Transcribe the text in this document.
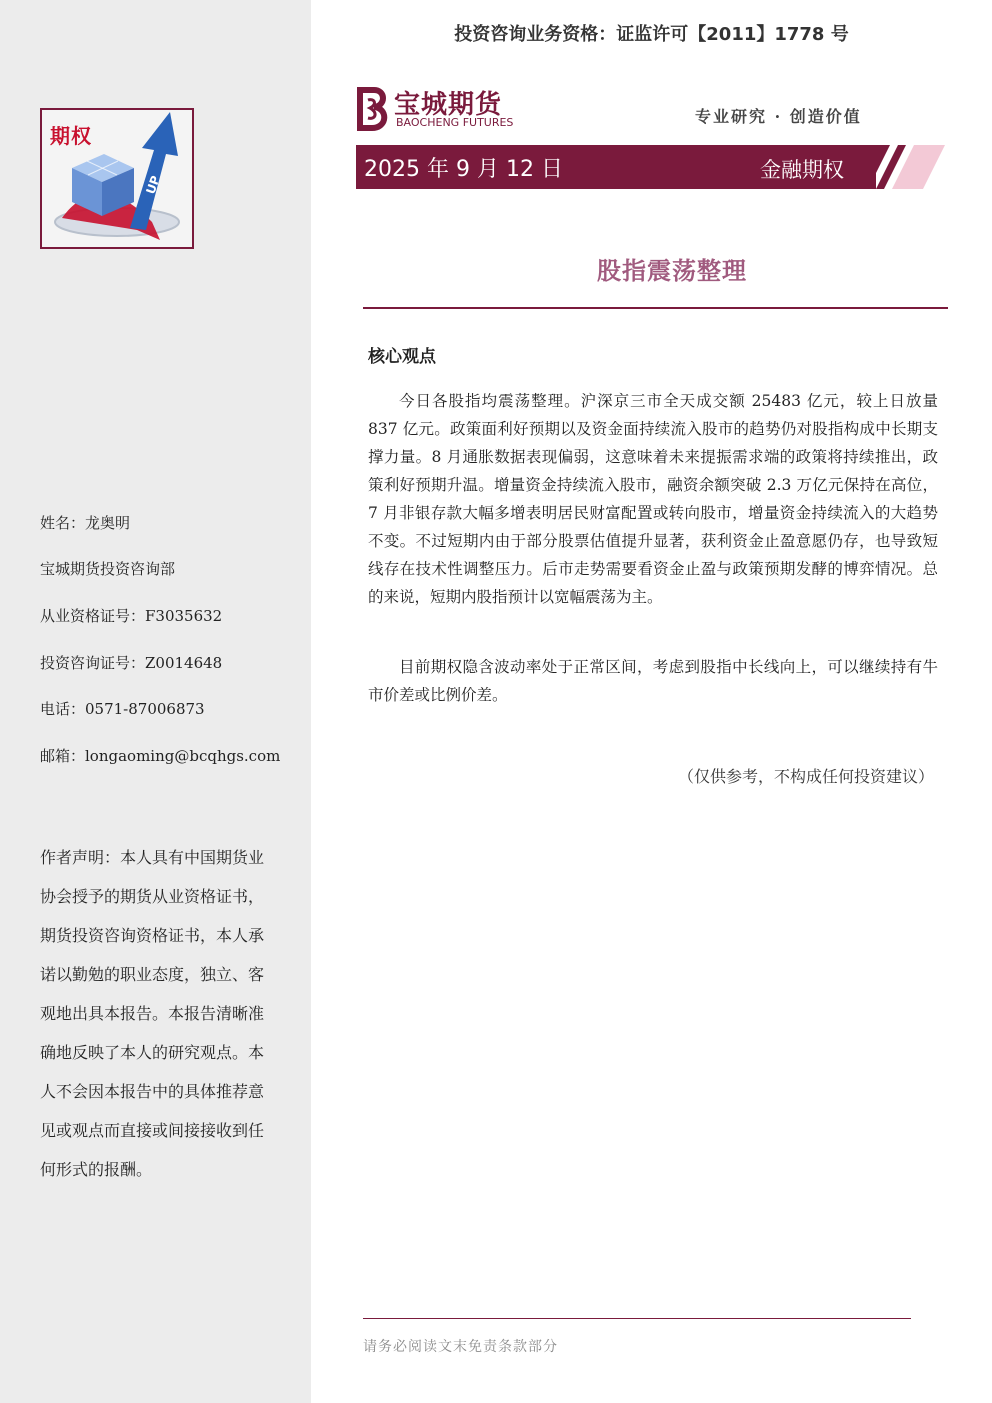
期权
UP
姓名：龙奥明
宝城期货投资咨询部
从业资格证号：F3035632
投资咨询证号：Z0014648
电话：0571-87006873
邮箱：longaoming@bcqhgs.com
作者声明：本人具有中国期货业协会授予的期货从业资格证书，期货投资咨询资格证书，本人承诺以勤勉的职业态度，独立、客观地出具本报告。本报告清晰准确地反映了本人的研究观点。本人不会因本报告中的具体推荐意见或观点而直接或间接接收到任何形式的报酬。
投资咨询业务资格：证监许可【2011】1778 号
宝城期货
BAOCHENG FUTURES	专业研究 · 创造价值
2025 年 9 月 12 日	金融期权
股指震荡整理
核心观点
今日各股指均震荡整理。沪深京三市全天成交额 25483 亿元，较上日放量 837 亿元。政策面利好预期以及资金面持续流入股市的趋势仍对股指构成中长期支撑力量。8 月通胀数据表现偏弱，这意味着未来提振需求端的政策将持续推出，政策利好预期升温。增量资金持续流入股市，融资余额突破 2.3 万亿元保持在高位，7 月非银存款大幅多增表明居民财富配置或转向股市，增量资金持续流入的大趋势不变。不过短期内由于部分股票估值提升显著，获利资金止盈意愿仍存，也导致短线存在技术性调整压力。后市走势需要看资金止盈与政策预期发酵的博弈情况。总的来说，短期内股指预计以宽幅震荡为主。
目前期权隐含波动率处于正常区间，考虑到股指中长线向上，可以继续持有牛市价差或比例价差。
（仅供参考，不构成任何投资建议）
请务必阅读文末免责条款部分
